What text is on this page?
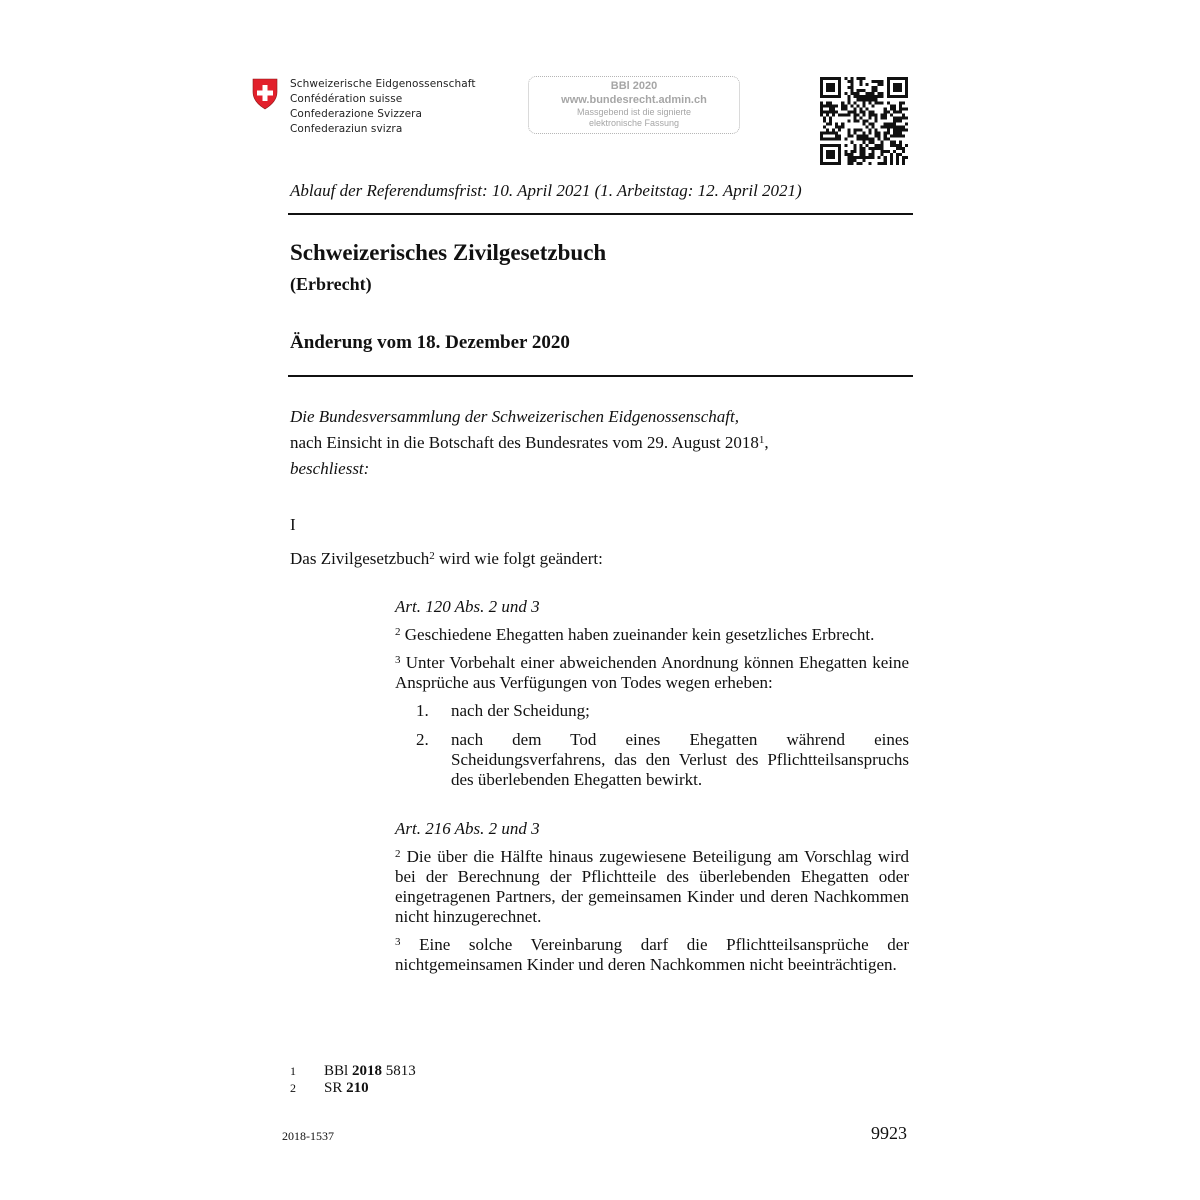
Schweizerische Eidgenossenschaft
Confédération suisse
Confederazione Svizzera
Confederaziun svizra
BBl 2020
www.bundesrecht.admin.ch
Massgebend ist die signierte
elektronische Fassung
Ablauf der Referendumsfrist: 10. April 2021 (1. Arbeitstag: 12. April 2021)
Schweizerisches Zivilgesetzbuch
(Erbrecht)
Änderung vom 18. Dezember 2020
Die Bundesversammlung der Schweizerischen Eidgenossenschaft,
nach Einsicht in die Botschaft des Bundesrates vom 29. August 2018$^1$,
beschliesst:
I
Das Zivilgesetzbuch$^2$ wird wie folgt geändert:

Art. 120 Abs. 2 und 3

$^2$ Geschiedene Ehegatten haben zueinander kein gesetzliches Erbrecht.

$^3$ Unter Vorbehalt einer abweichenden Anordnung können Ehegatten keine Ansprüche aus Verfügungen von Todes wegen erheben:

1. nach der Scheidung;
2. nach dem Tod eines Ehegatten während eines Scheidungsverfahrens, das den Verlust des Pflichtteilsanspruchs des überlebenden Ehegatten bewirkt.

Art. 216 Abs. 2 und 3

$^2$ Die über die Hälfte hinaus zugewiesene Beteiligung am Vorschlag wird bei der Berechnung der Pflichtteile des überlebenden Ehegatten oder eingetragenen Partners, der gemeinsamen Kinder und deren Nachkommen nicht hinzugerechnet.

$^3$ Eine solche Vereinbarung darf die Pflichtteilsansprüche der nichtgemeinsamen Kinder und deren Nachkommen nicht beeinträchtigen.

1 BBl 2018 5813
2 SR 210
2018-1537	9923
